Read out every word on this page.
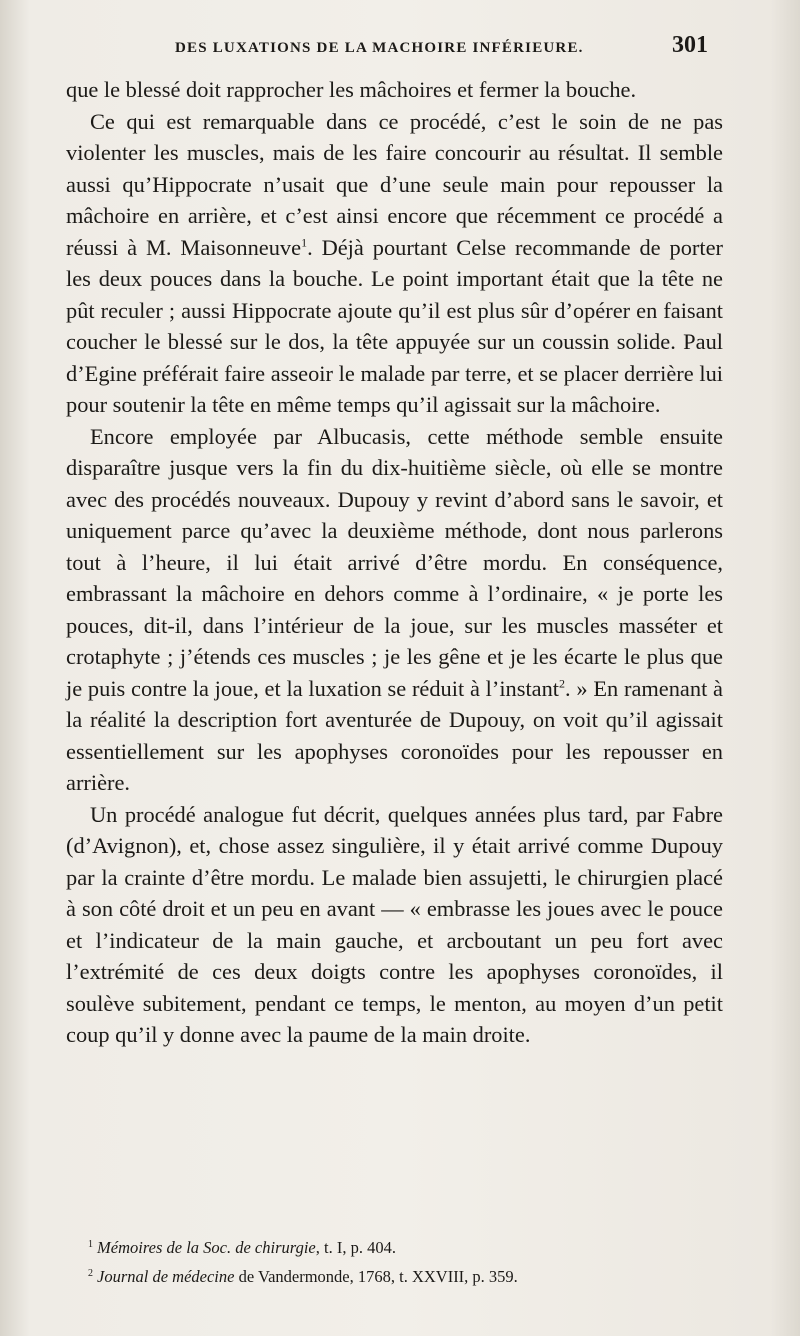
DES LUXATIONS DE LA MACHOIRE INFÉRIEURE.	301

que le blessé doit rapprocher les mâchoires et fermer la bouche.

Ce qui est remarquable dans ce procédé, c’est le soin de ne pas violenter les muscles, mais de les faire concourir au résultat. Il semble aussi qu’Hippocrate n’usait que d’une seule main pour repousser la mâchoire en arrière, et c’est ainsi encore que récemment ce procédé a réussi à M. Maisonneuve$^1$. Déjà pourtant Celse recommande de porter les deux pouces dans la bouche. Le point important était que la tête ne pût reculer ; aussi Hippocrate ajoute qu’il est plus sûr d’opérer en faisant coucher le blessé sur le dos, la tête appuyée sur un coussin solide. Paul d’Egine préférait faire asseoir le malade par terre, et se placer derrière lui pour soutenir la tête en même temps qu’il agissait sur la mâchoire.

Encore employée par Albucasis, cette méthode semble ensuite disparaître jusque vers la fin du dix-huitième siècle, où elle se montre avec des procédés nouveaux. Dupouy y revint d’abord sans le savoir, et uniquement parce qu’avec la deuxième méthode, dont nous parlerons tout à l’heure, il lui était arrivé d’être mordu. En conséquence, embrassant la mâchoire en dehors comme à l’ordinaire, « je porte les pouces, dit-il, dans l’intérieur de la joue, sur les muscles masséter et crotaphyte ; j’étends ces muscles ; je les gêne et je les écarte le plus que je puis contre la joue, et la luxation se réduit à l’instant$^2$. » En ramenant à la réalité la description fort aventurée de Dupouy, on voit qu’il agissait essentiellement sur les apophyses coronoïdes pour les repousser en arrière.

Un procédé analogue fut décrit, quelques années plus tard, par Fabre (d’Avignon), et, chose assez singulière, il y était arrivé comme Dupouy par la crainte d’être mordu. Le malade bien assujetti, le chirurgien placé à son côté droit et un peu en avant — « embrasse les joues avec le pouce et l’indicateur de la main gauche, et arcboutant un peu fort avec l’extrémité de ces deux doigts contre les apophyses coronoïdes, il soulève subitement, pendant ce temps, le menton, au moyen d’un petit coup qu’il y donne avec la paume de la main droite.

$^1$ Mémoires de la Soc. de chirurgie, t. I, p. 404.
$^2$ Journal de médecine de Vandermonde, 1768, t. XXVIII, p. 359.
